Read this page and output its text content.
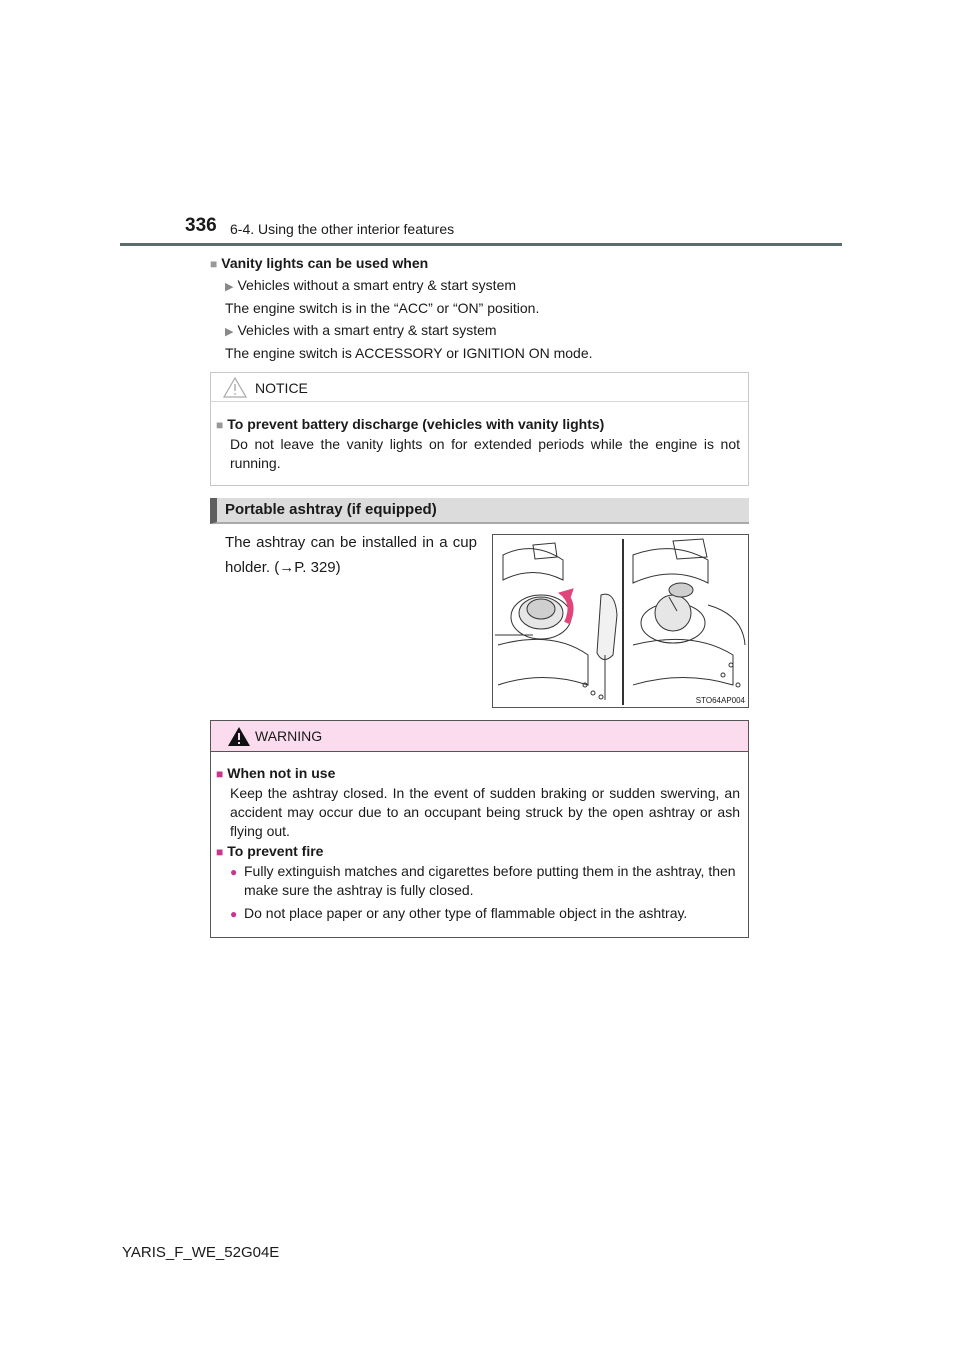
336 6-4. Using the other interior features
■ Vanity lights can be used when
▶ Vehicles without a smart entry & start system
The engine switch is in the “ACC” or “ON” position.
▶ Vehicles with a smart entry & start system
The engine switch is ACCESSORY or IGNITION ON mode.
NOTICE
■ To prevent battery discharge (vehicles with vanity lights)
Do not leave the vanity lights on for extended periods while the engine is not running.
Portable ashtray (if equipped)
The ashtray can be installed in a cup holder. (→P. 329)
STO64AP004
WARNING
■ When not in use
Keep the ashtray closed. In the event of sudden braking or sudden swerving, an accident may occur due to an occupant being struck by the open ashtray or ash flying out.
■ To prevent fire
● Fully extinguish matches and cigarettes before putting them in the ashtray, then make sure the ashtray is fully closed.
● Do not place paper or any other type of flammable object in the ashtray.
YARIS_F_WE_52G04E
